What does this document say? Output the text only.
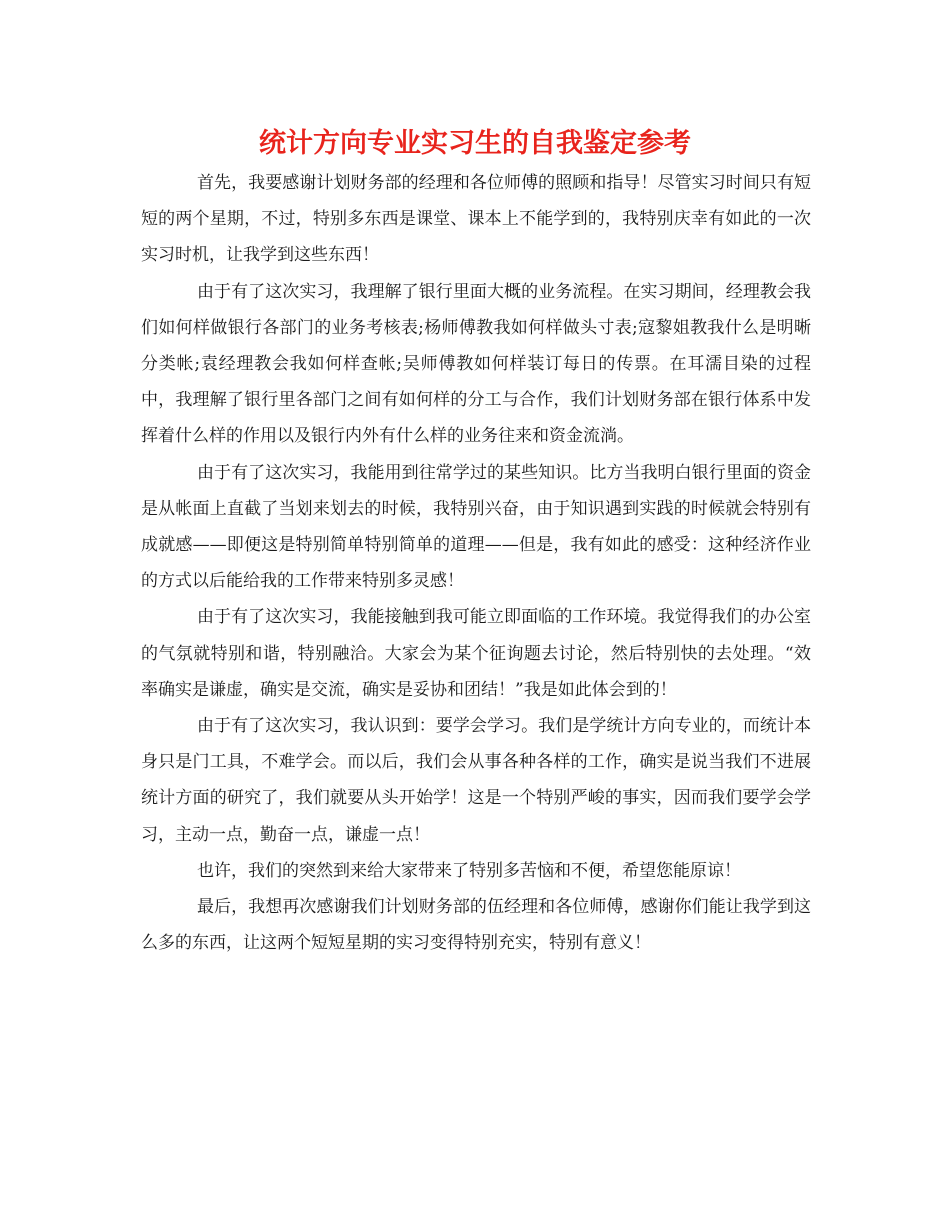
统计方向专业实习生的自我鉴定参考

首先，我要感谢计划财务部的经理和各位师傅的照顾和指导！尽管实习时间只有短短的两个星期，不过，特别多东西是课堂、课本上不能学到的，我特别庆幸有如此的一次实习时机，让我学到这些东西！

由于有了这次实习，我理解了银行里面大概的业务流程。在实习期间，经理教会我们如何样做银行各部门的业务考核表;杨师傅教我如何样做头寸表;寇黎姐教我什么是明晰分类帐;袁经理教会我如何样查帐;吴师傅教如何样装订每日的传票。在耳濡目染的过程中，我理解了银行里各部门之间有如何样的分工与合作，我们计划财务部在银行体系中发挥着什么样的作用以及银行内外有什么样的业务往来和资金流淌。

由于有了这次实习，我能用到往常学过的某些知识。比方当我明白银行里面的资金是从帐面上直截了当划来划去的时候，我特别兴奋，由于知识遇到实践的时候就会特别有成就感——即便这是特别简单特别简单的道理——但是，我有如此的感受：这种经济作业的方式以后能给我的工作带来特别多灵感！

由于有了这次实习，我能接触到我可能立即面临的工作环境。我觉得我们的办公室的气氛就特别和谐，特别融洽。大家会为某个征询题去讨论，然后特别快的去处理。“效率确实是谦虚，确实是交流，确实是妥协和团结！”我是如此体会到的！

由于有了这次实习，我认识到：要学会学习。我们是学统计方向专业的，而统计本身只是门工具，不难学会。而以后，我们会从事各种各样的工作，确实是说当我们不进展统计方面的研究了，我们就要从头开始学！这是一个特别严峻的事实，因而我们要学会学习，主动一点，勤奋一点，谦虚一点！

也许，我们的突然到来给大家带来了特别多苦恼和不便，希望您能原谅！

最后，我想再次感谢我们计划财务部的伍经理和各位师傅，感谢你们能让我学到这么多的东西，让这两个短短星期的实习变得特别充实，特别有意义！
